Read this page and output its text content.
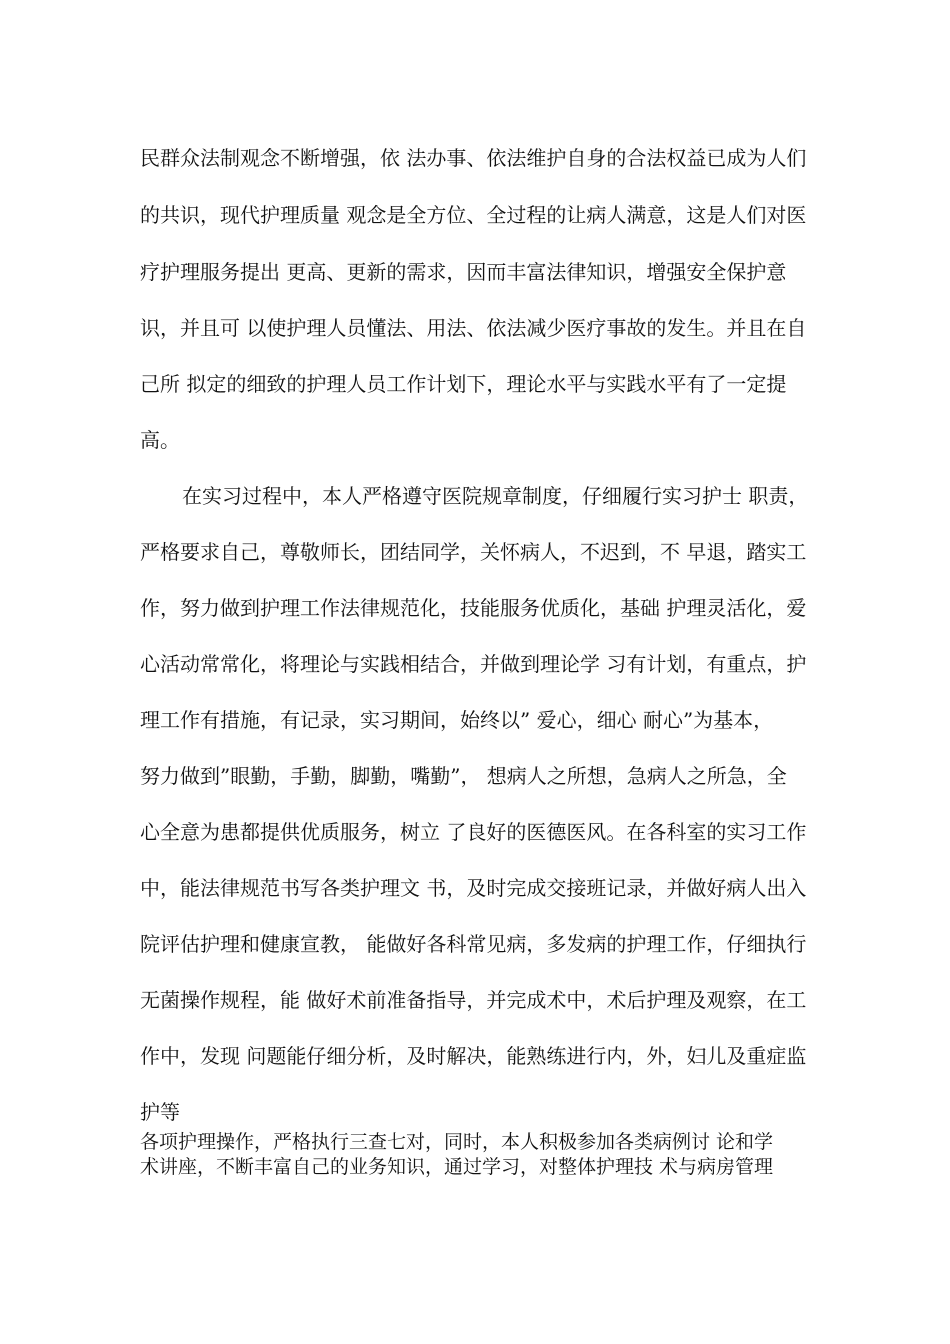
民群众法制观念不断增强，依 法办事、依法维护自身的合法权益已成为人们
的共识，现代护理质量 观念是全方位、全过程的让病人满意，这是人们对医
疗护理服务提出 更高、更新的需求，因而丰富法律知识，增强安全保护意
识，并且可 以使护理人员懂法、用法、依法减少医疗事故的发生。并且在自
己所 拟定的细致的护理人员工作计划下，理论水平与实践水平有了一定提
高。
在实习过程中，本人严格遵守医院规章制度，仔细履行实习护士 职责，
严格要求自己，尊敬师长，团结同学，关怀病人，不迟到，不 早退，踏实工
作，努力做到护理工作法律规范化，技能服务优质化，基础 护理灵活化，爱
心活动常常化，将理论与实践相结合，并做到理论学 习有计划，有重点，护
理工作有措施，有记录，实习期间，始终以” 爱心，细心 耐心”为基本，
努力做到”眼勤，手勤，脚勤，嘴勤”， 想病人之所想，急病人之所急，全
心全意为患都提供优质服务，树立 了良好的医德医风。在各科室的实习工作
中，能法律规范书写各类护理文 书，及时完成交接班记录，并做好病人出入
院评估护理和健康宣教， 能做好各科常见病，多发病的护理工作，仔细执行
无菌操作规程，能 做好术前准备指导，并完成术中，术后护理及观察，在工
作中，发现 问题能仔细分析，及时解决，能熟练进行内，外，妇儿及重症监
护等
各项护理操作，严格执行三查七对，同时，本人积极参加各类病例讨 论和学
术讲座，不断丰富自己的业务知识，通过学习，对整体护理技 术与病房管理
